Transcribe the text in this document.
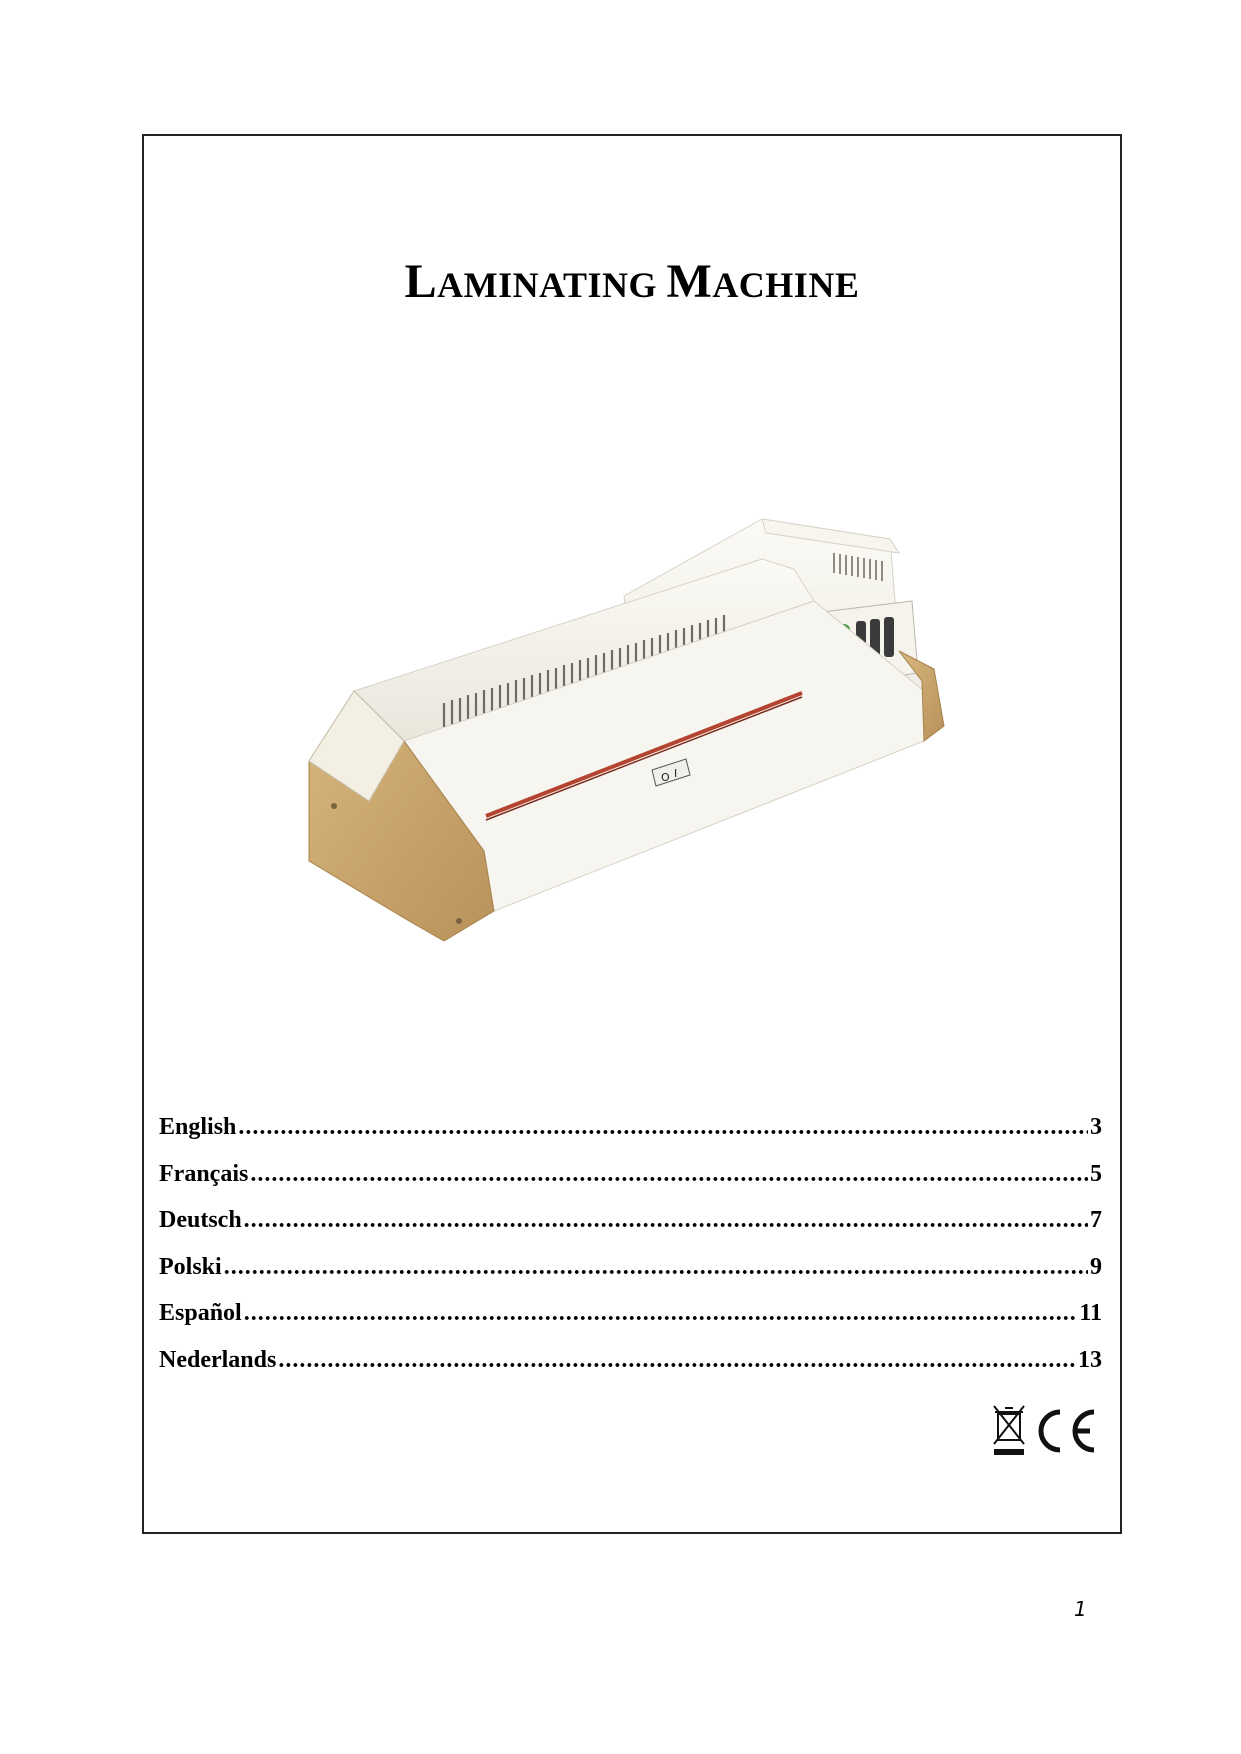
LAMINATING MACHINE
O I
English .....	3
Français .....	5
Deutsch .....	7
Polski .....	9
Español .....	11
Nederlands .....	13
1
